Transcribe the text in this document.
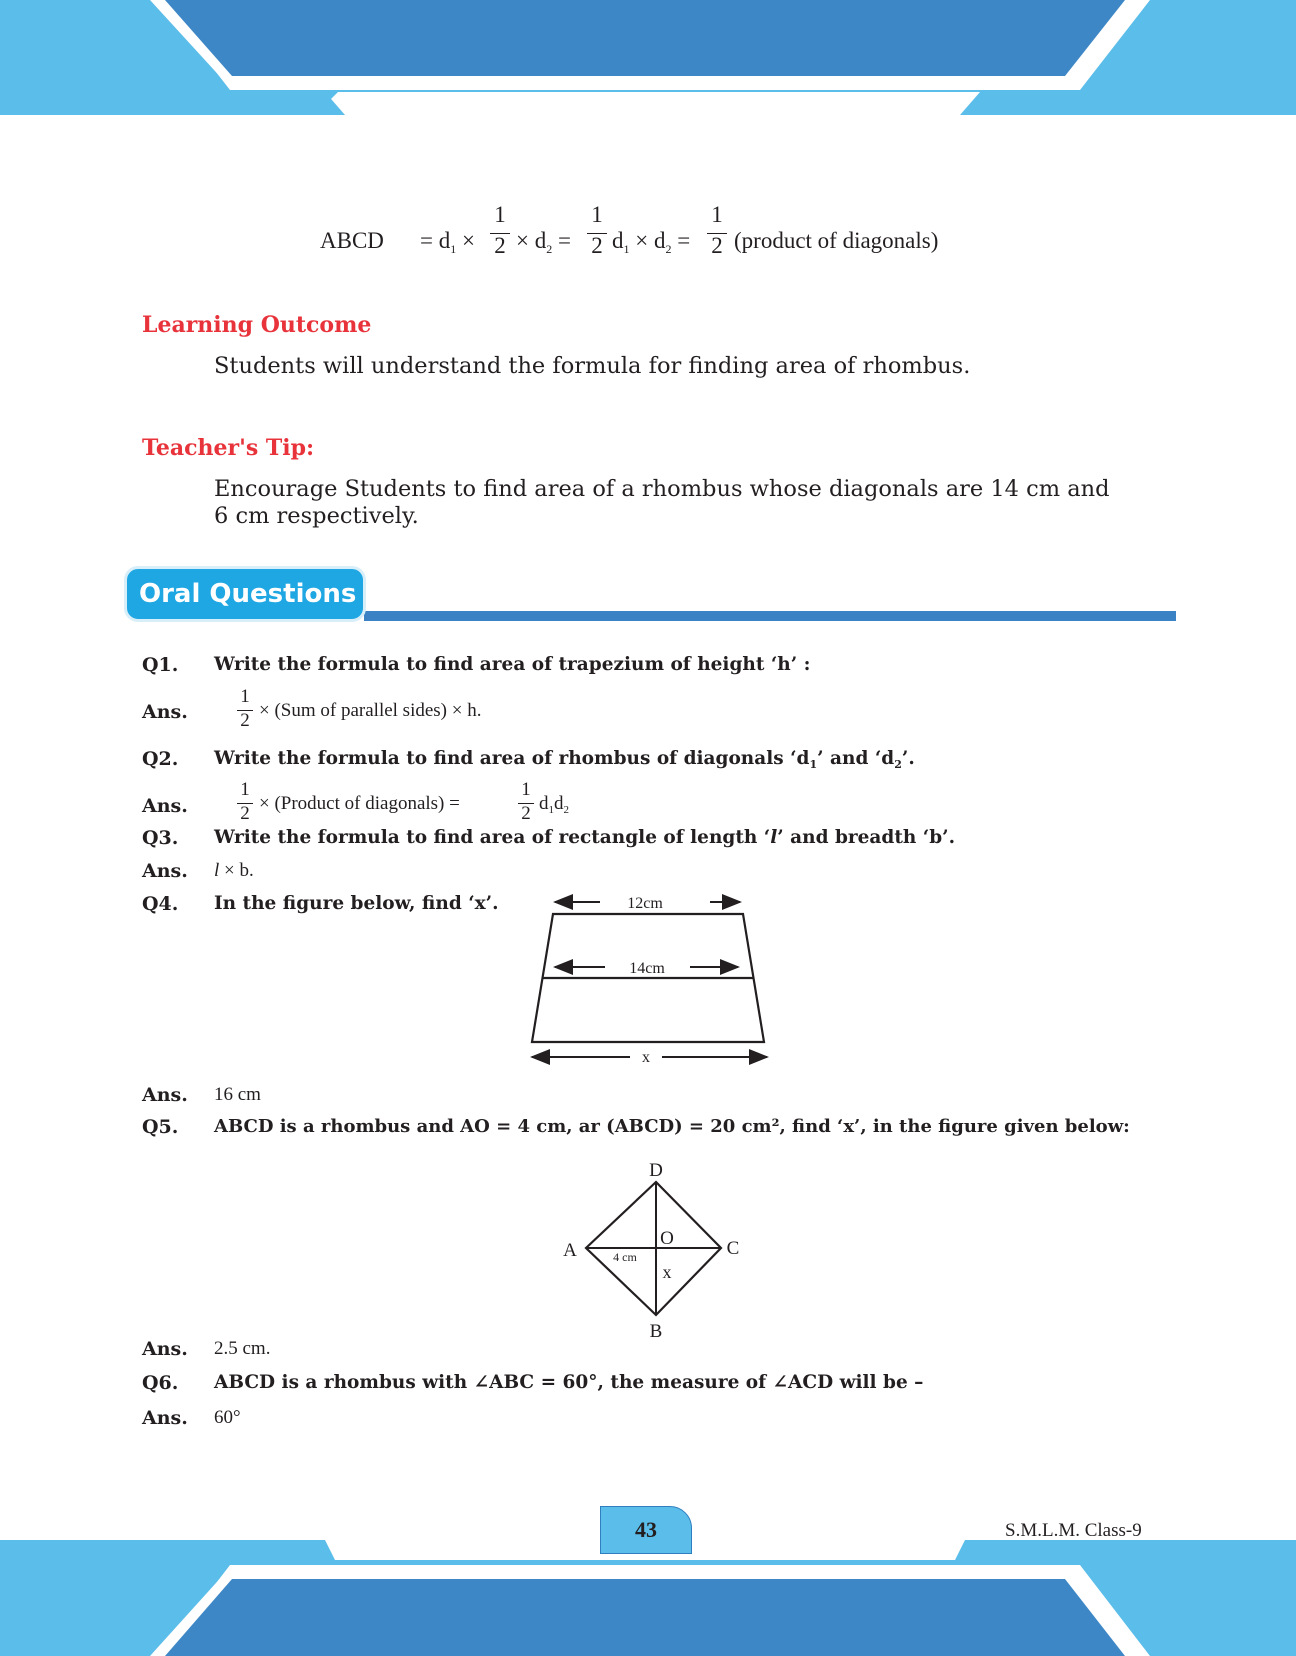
ABCD = $d_1$ ×
1
$2 \times d_2$ =
1
2 $d_1 \times d_2$ =
1
2 (product of diagonals)
Learning Outcome
Students will understand the formula for finding area of rhombus.
Teacher's Tip:
Encourage Students to find area of a rhombus whose diagonals are 14 cm and
6 cm respectively.
Oral Questions
Q1. Write the formula to find area of trapezium of height ‘h’ :
Ans.
1
2 × (Sum of parallel sides) × h.
Q2. Write the formula to find area of rhombus of diagonals ‘$d_1$’ and ‘$d_2$’.
Ans.
1
2 × (Product of diagonals) =
1
2 $d_1d_2$
Q3. Write the formula to find area of rectangle of length ‘l’ and breadth ‘b’.
Ans. l × b.
Q4. In the figure below, find ‘x’.	12cm
14cm
x
Ans. 16 cm
Q5. ABCD is a rhombus and AO = 4 cm, ar (ABCD) = 20 cm², find ‘x’, in the figure given below:
D
A
O	C
B
4 cm
x
Ans. 2.5 cm.
Q6. ABCD is a rhombus with ∠ABC = 60°, the measure of ∠ACD will be –
Ans. 60°
43	S.M.L.M. Class-9
